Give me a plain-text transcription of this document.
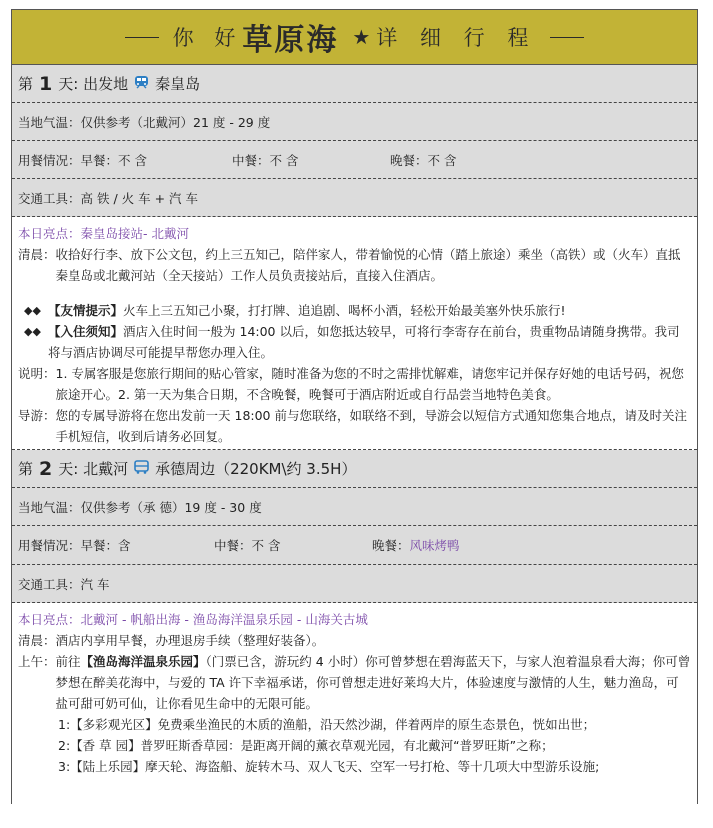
你 好 草原海 ★ 详 细 行 程
第 1 天: 出发地 秦皇岛
当地气温：仅供参考（北戴河）21 度 - 29 度
用餐情况：早餐：不 含	中餐：不 含	晚餐：不 含
交通工具：高 铁 / 火 车 + 汽 车

本日亮点：秦皇岛接站- 北戴河

清晨： 收拾好行李、放下公文包，约上三五知己，陪伴家人，带着愉悦的心情（踏上旅途）乘坐（高铁）或（火车）直抵秦皇岛或北戴河站（全天接站）工作人员负责接站后，直接入住酒店。
◆◆ 【友情提示】火车上三五知己小聚，打打牌、追追剧、喝杯小酒，轻松开始最美塞外快乐旅行!
◆◆ 【入住须知】酒店入住时间一般为 14:00 以后，如您抵达较早，可将行李寄存在前台，贵重物品请随身携带。我司将与酒店协调尽可能提早帮您办理入住。
说明： 1. 专属客服是您旅行期间的贴心管家，随时准备为您的不时之需排忧解难，请您牢记并保存好她的电话号码，祝您旅途开心。2. 第一天为集合日期，不含晚餐，晚餐可于酒店附近或自行品尝当地特色美食。
导游： 您的专属导游将在您出发前一天 18:00 前与您联络，如联络不到，导游会以短信方式通知您集合地点，请及时关注手机短信，收到后请务必回复。
第 2 天: 北戴河 承德周边（220KM\约 3.5H）
当地气温：仅供参考（承 德）19 度 - 30 度
用餐情况：早餐：含	中餐：不 含	晚餐： 风味烤鸭
交通工具：汽 车

本日亮点：北戴河 - 帆船出海 - 渔岛海洋温泉乐园 - 山海关古城

清晨： 酒店内享用早餐，办理退房手续（整理好装备）。
上午： 前往【渔岛海洋温泉乐园】（门票已含，游玩约 4 小时）你可曾梦想在碧海蓝天下，与家人泡着温泉看大海；你可曾梦想在醉美花海中，与爱的 TA 许下幸福承诺，你可曾想走进好莱坞大片，体验速度与激情的人生，魅力渔岛，可盐可甜可奶可仙，让你看见生命中的无限可能。

1:【多彩观光区】免费乘坐渔民的木质的渔船，沿天然沙湖，伴着两岸的原生态景色，恍如出世；

2:【香 草 园】普罗旺斯香草园：是距离开阔的薰衣草观光园，有北戴河“普罗旺斯”之称；

3:【陆上乐园】摩天轮、海盗船、旋转木马、双人飞天、空军一号打枪、等十几项大中型游乐设施;
